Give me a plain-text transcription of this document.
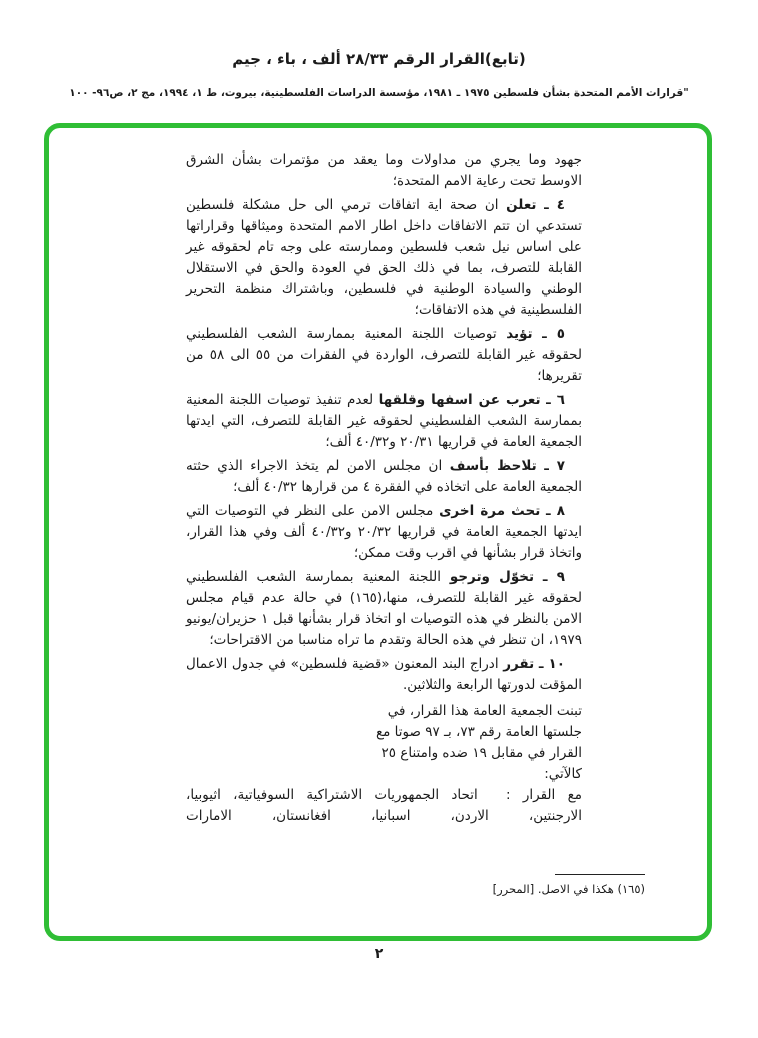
(تابع)القرار الرقم ٢٨/٣٣ ألف ، باء ، جيم
"قرارات الأمم المتحدة بشأن فلسطين ١٩٧٥ ـ ١٩٨١، مؤسسة الدراسات الفلسطينية، بيروت، ط ١، ١٩٩٤، مج ٢، ص٩٦- ١٠٠

جهود وما يجري من مداولات وما يعقد من مؤتمرات بشأن الشرق الاوسط تحت رعاية الامم المتحدة؛

٤ ـ تعلن ان صحة اية اتفاقات ترمي الى حل مشكلة فلسطين تستدعي ان تتم الاتفاقات داخل اطار الامم المتحدة وميثاقها وقراراتها على اساس نيل شعب فلسطين وممارسته على وجه تام لحقوقه غير القابلة للتصرف، بما في ذلك الحق في العودة والحق في الاستقلال الوطني والسيادة الوطنية في فلسطين، وباشتراك منظمة التحرير الفلسطينية في هذه الاتفاقات؛

٥ ـ تؤيد توصيات اللجنة المعنية بممارسة الشعب الفلسطيني لحقوقه غير القابلة للتصرف، الواردة في الفقرات من ٥٥ الى ٥٨ من تقريرها؛

٦ ـ تعرب عن اسفها وقلقها لعدم تنفيذ توصيات اللجنة المعنية بممارسة الشعب الفلسطيني لحقوقه غير القابلة للتصرف، التي ايدتها الجمعية العامة في قراريها ٢٠/٣١ و٤٠/٣٢ ألف؛

٧ ـ تلاحظ بأسف ان مجلس الامن لم يتخذ الاجراء الذي حثته الجمعية العامة على اتخاذه في الفقرة ٤ من قرارها ٤٠/٣٢ ألف؛

٨ ـ تحث مرة اخرى مجلس الامن على النظر في التوصيات التي ايدتها الجمعية العامة في قراريها ٢٠/٣٢ و٤٠/٣٢ ألف وفي هذا القرار، واتخاذ قرار بشأنها في اقرب وقت ممكن؛

٩ ـ تخوّل وترجو اللجنة المعنية بممارسة الشعب الفلسطيني لحقوقه غير القابلة للتصرف، منها،(١٦٥) في حالة عدم قيام مجلس الامن بالنظر في هذه التوصيات او اتخاذ قرار بشأنها قبل ١ حزيران/يونيو ١٩٧٩، ان تنظر في هذه الحالة وتقدم ما تراه مناسبا من الاقتراحات؛

١٠ ـ تقرر ادراج البند المعنون «قضية فلسطين» في جدول الاعمال المؤقت لدورتها الرابعة والثلاثين.

تبنت الجمعية العامة هذا القرار، في جلستها العامة رقم ٧٣، بـ ٩٧ صوتا مع القرار في مقابل ١٩ ضده وامتناع ٢٥ كالآتي:

مع القرار : اتحاد الجمهوريات الاشتراكية السوفياتية، اثيوبيا، الارجنتين، الاردن، اسبانيا، افغانستان، الامارات

(١٦٥) هكذا في الاصل. [المحرر]
٢
